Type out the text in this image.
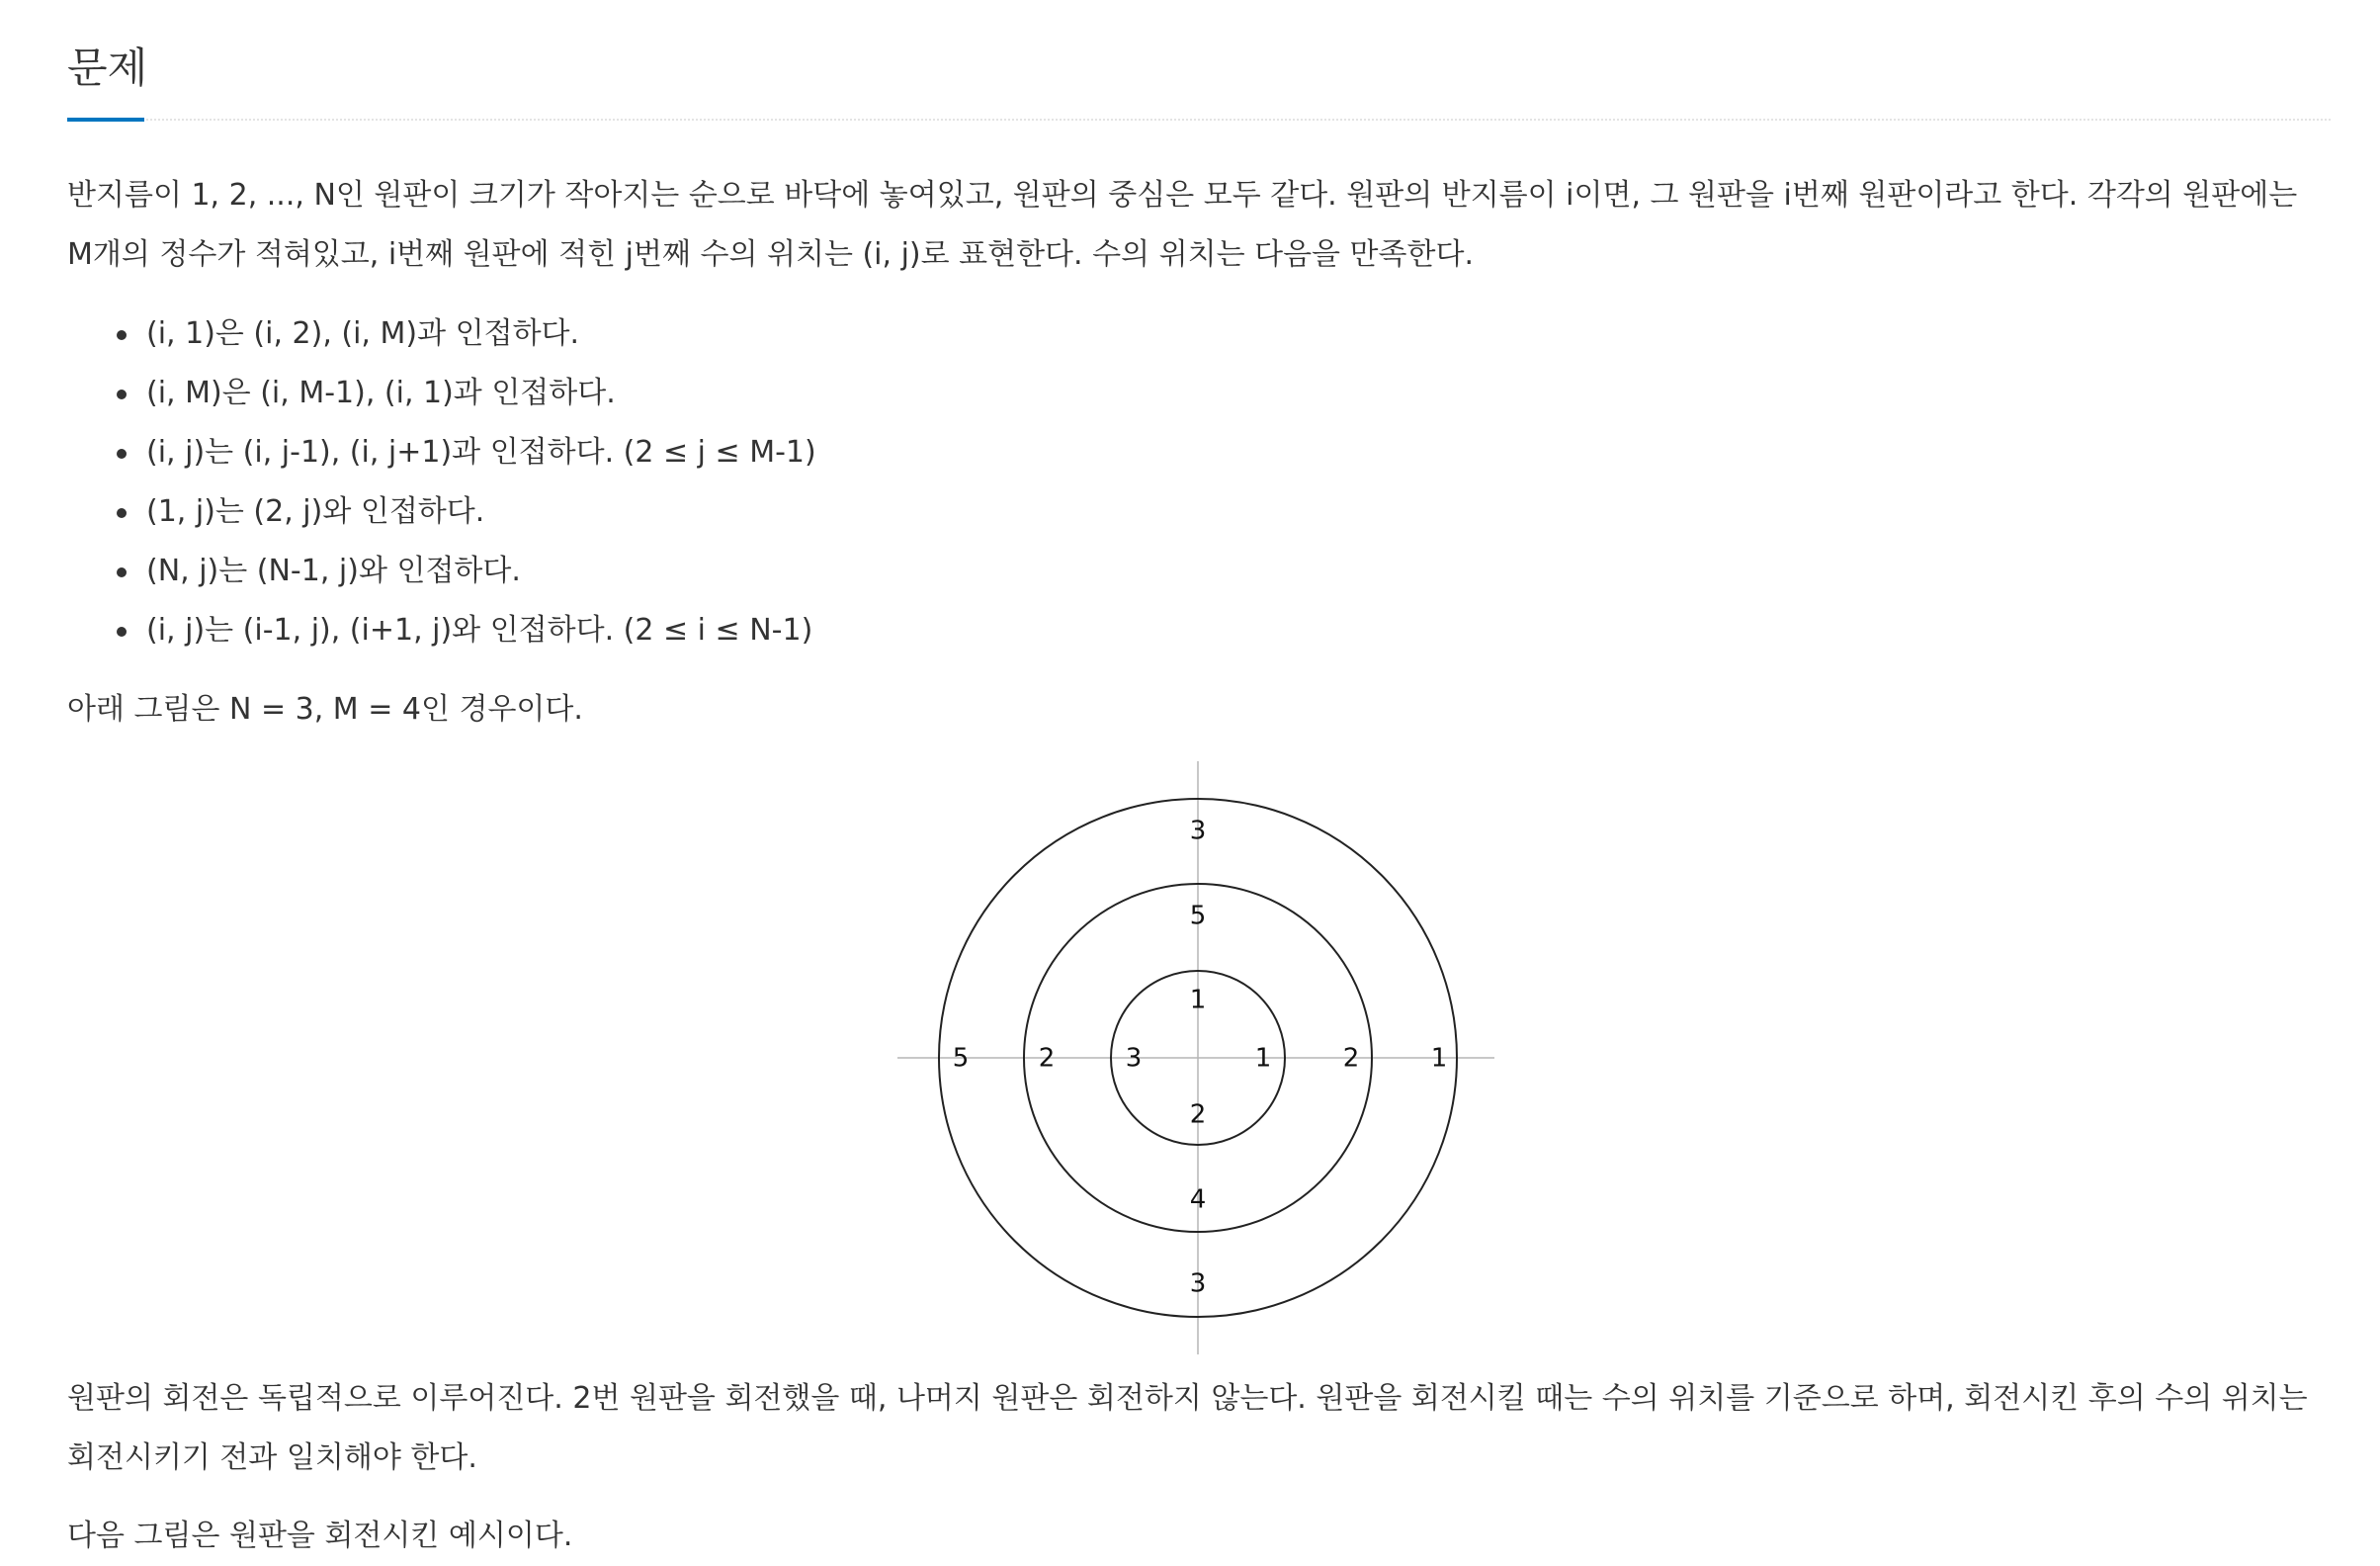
문제

반지름이 1, 2, ..., N인 원판이 크기가 작아지는 순으로 바닥에 놓여있고, 원판의 중심은 모두 같다. 원판의 반지름이 i이면, 그 원판을 i번째 원판이라고 한다. 각각의 원판에는 M개의 정수가 적혀있고, i번째 원판에 적힌 j번째 수의 위치는 (i, j)로 표현한다. 수의 위치는 다음을 만족한다.

(i, 1)은 (i, 2), (i, M)과 인접하다.
(i, M)은 (i, M-1), (i, 1)과 인접하다.
(i, j)는 (i, j-1), (i, j+1)과 인접하다. (2 ≤ j ≤ M-1)
(1, j)는 (2, j)와 인접하다.
(N, j)는 (N-1, j)와 인접하다.
(i, j)는 (i-1, j), (i+1, j)와 인접하다. (2 ≤ i ≤ N-1)

아래 그림은 N = 3, M = 4인 경우이다.

3
3
5	1
5
4
2	2
1
2
3	1

원판의 회전은 독립적으로 이루어진다. 2번 원판을 회전했을 때, 나머지 원판은 회전하지 않는다. 원판을 회전시킬 때는 수의 위치를 기준으로 하며, 회전시킨 후의 수의 위치는 회전시키기 전과 일치해야 한다.

다음 그림은 원판을 회전시킨 예시이다.
